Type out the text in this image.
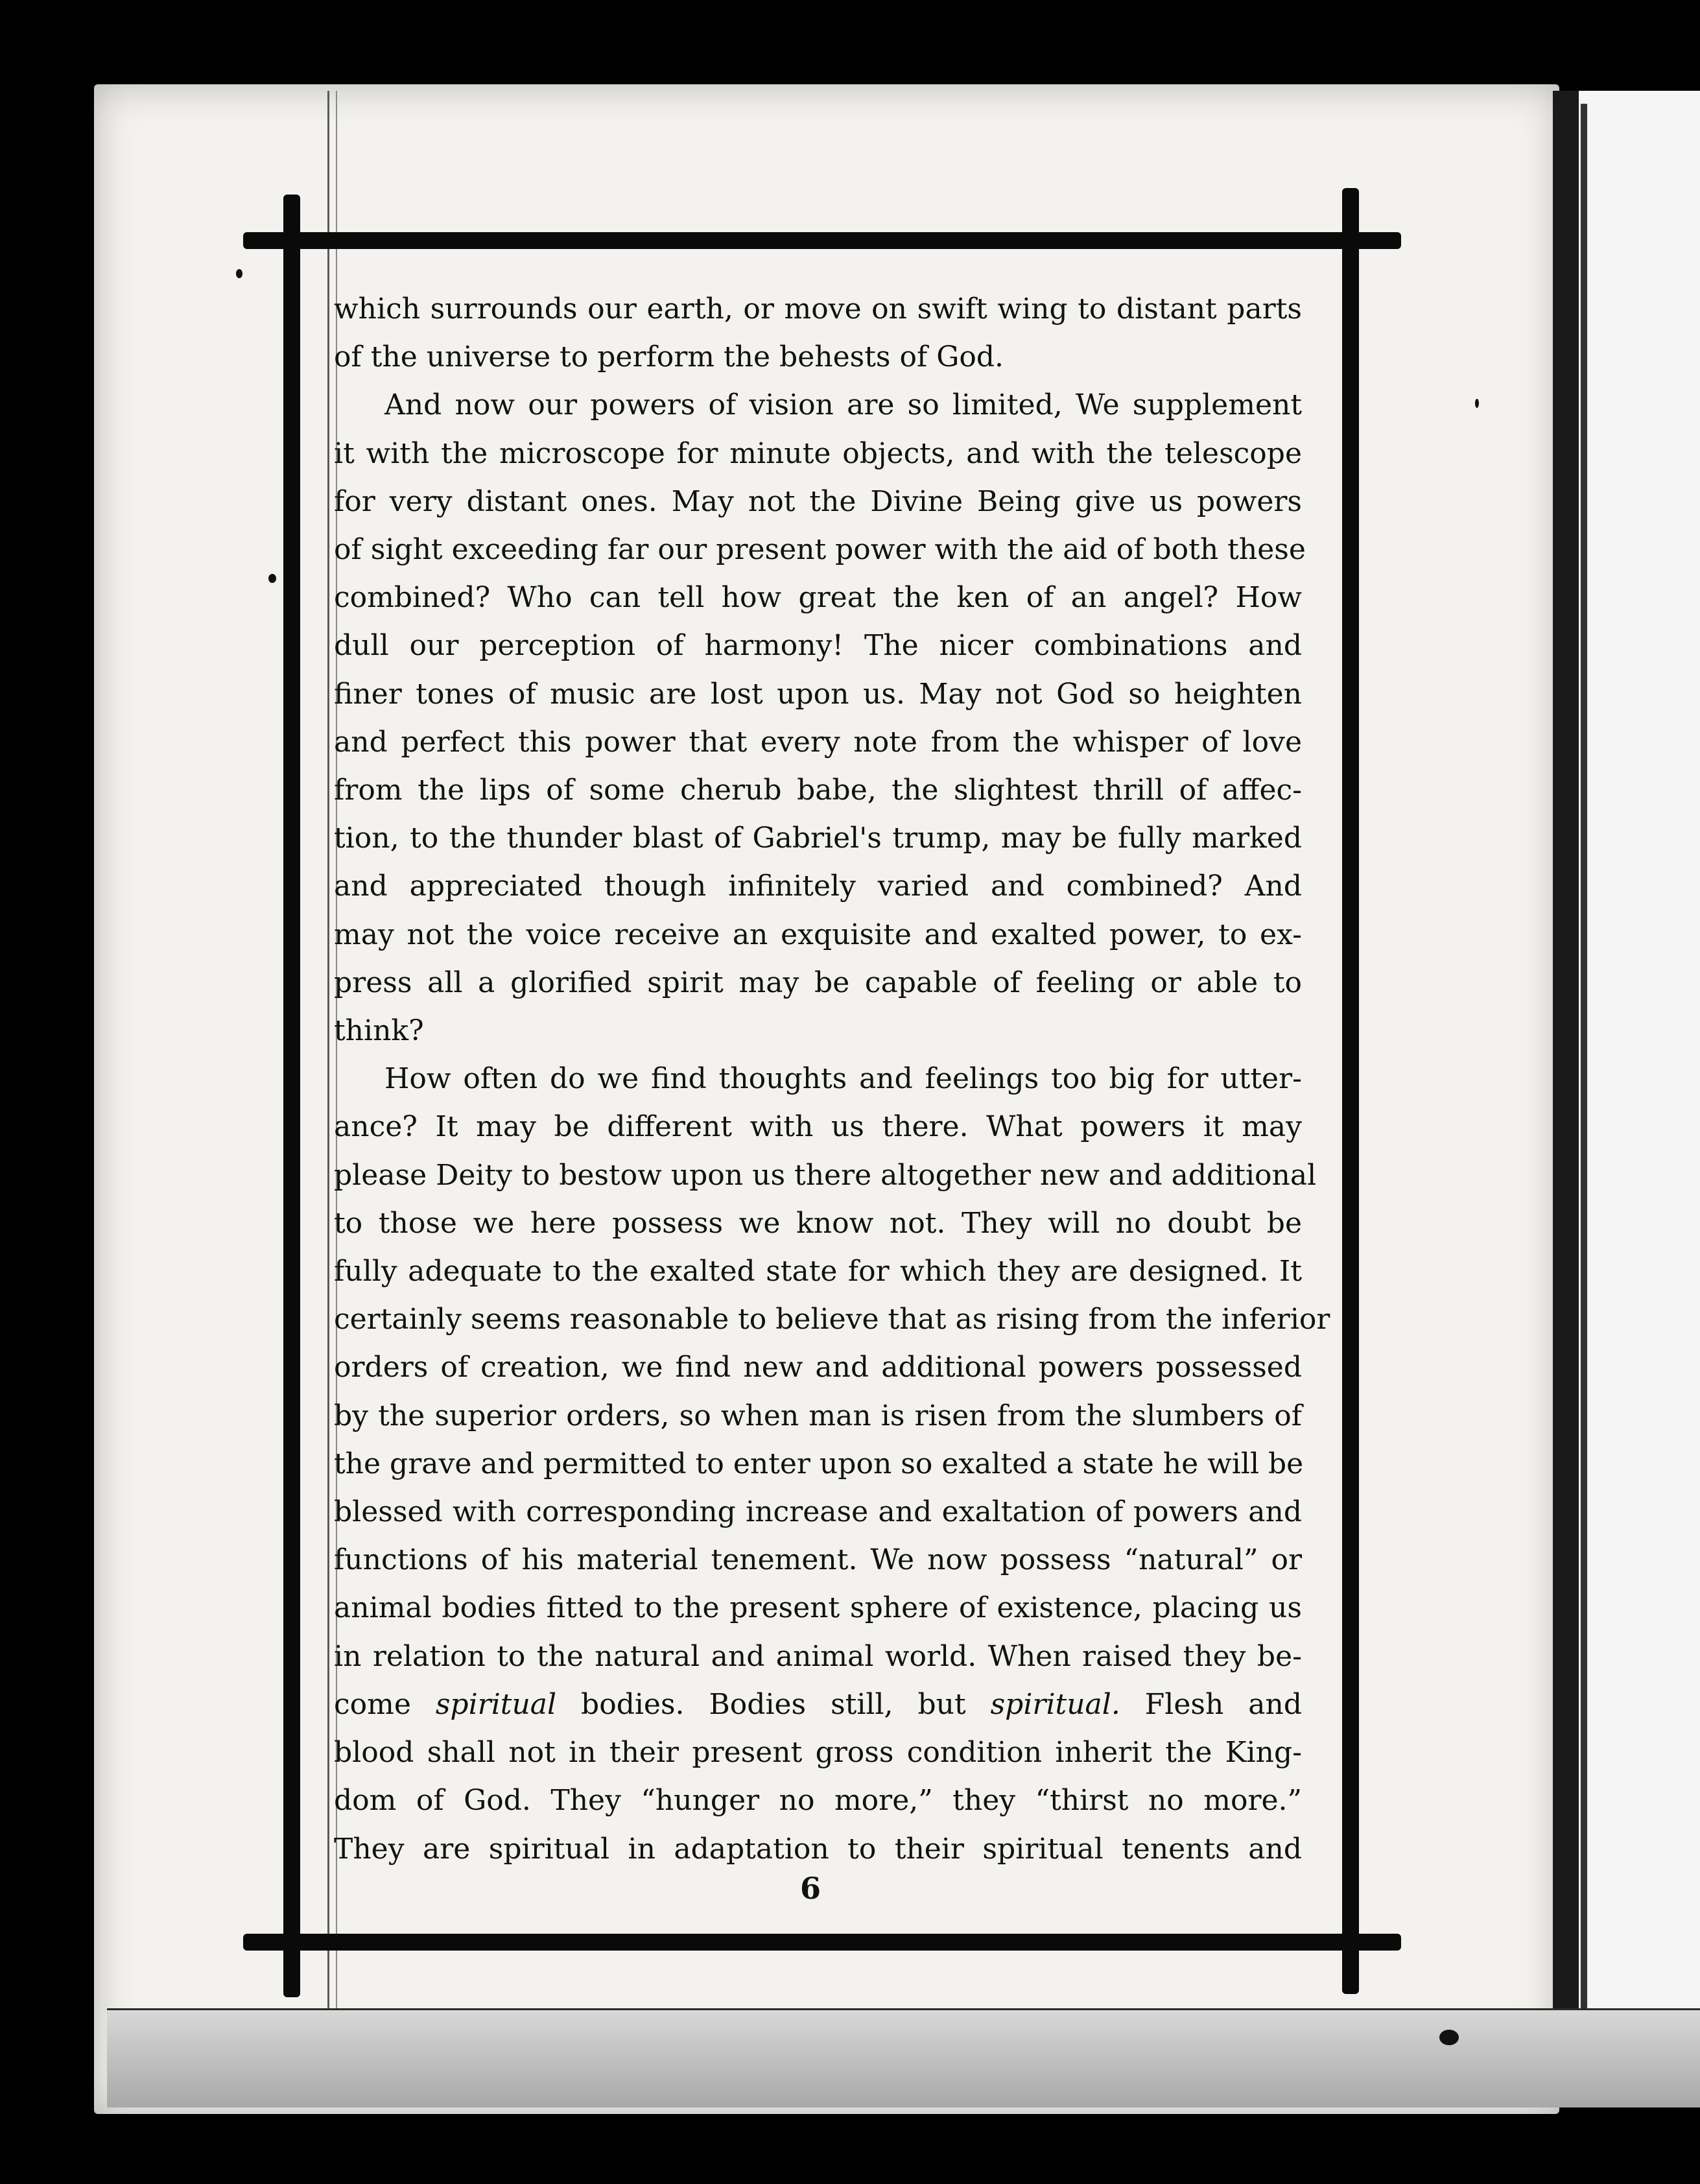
which surrounds our earth, or move on swift wing to distant parts
of the universe to perform the behests of God.

And now our powers of vision are so limited, We supplement
it with the microscope for minute objects, and with the telescope
for very distant ones. May not the Divine Being give us powers
of sight exceeding far our present power with the aid of both these
combined? Who can tell how great the ken of an angel? How
dull our perception of harmony! The nicer combinations and
finer tones of music are lost upon us. May not God so heighten
and perfect this power that every note from the whisper of love
from the lips of some cherub babe, the slightest thrill of affec-
tion, to the thunder blast of Gabriel's trump, may be fully marked
and appreciated though infinitely varied and combined? And
may not the voice receive an exquisite and exalted power, to ex-
press all a glorified spirit may be capable of feeling or able to
think?

How often do we find thoughts and feelings too big for utter-
ance? It may be different with us there. What powers it may
please Deity to bestow upon us there altogether new and additional
to those we here possess we know not. They will no doubt be
fully adequate to the exalted state for which they are designed. It
certainly seems reasonable to believe that as rising from the inferior
orders of creation, we find new and additional powers possessed
by the superior orders, so when man is risen from the slumbers of
the grave and permitted to enter upon so exalted a state he will be
blessed with corresponding increase and exaltation of powers and
functions of his material tenement. We now possess “natural” or
animal bodies fitted to the present sphere of existence, placing us
in relation to the natural and animal world. When raised they be-
come spiritual bodies. Bodies still, but spiritual. Flesh and
blood shall not in their present gross condition inherit the King-
dom of God. They “hunger no more,” they “thirst no more.”
They are spiritual in adaptation to their spiritual tenents and

6
